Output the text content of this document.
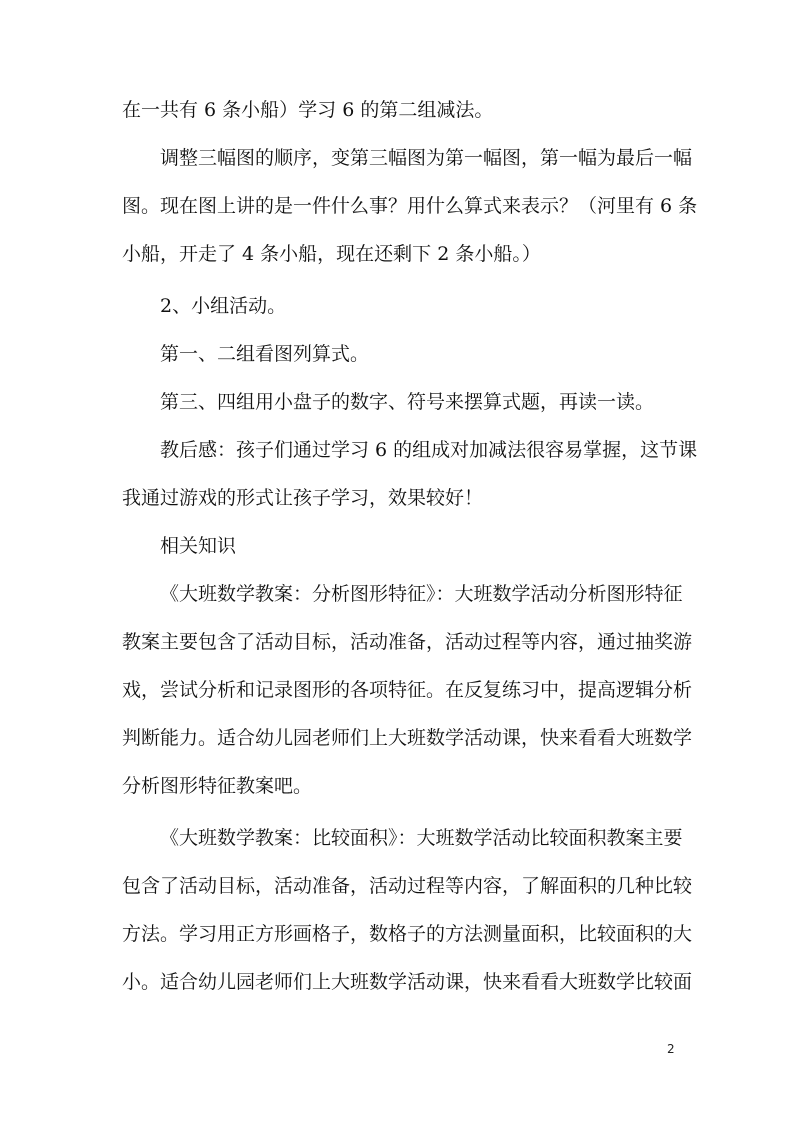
在一共有 6 条小船）学习 6 的第二组减法。
调整三幅图的顺序，变第三幅图为第一幅图，第一幅为最后一幅
图。现在图上讲的是一件什么事？用什么算式来表示？（河里有 6 条
小船，开走了 4 条小船，现在还剩下 2 条小船。）
2、小组活动。
第一、二组看图列算式。
第三、四组用小盘子的数字、符号来摆算式题，再读一读。
教后感：孩子们通过学习 6 的组成对加减法很容易掌握，这节课
我通过游戏的形式让孩子学习，效果较好！
相关知识
《大班数学教案：分析图形特征》：大班数学活动分析图形特征
教案主要包含了活动目标，活动准备，活动过程等内容，通过抽奖游
戏，尝试分析和记录图形的各项特征。在反复练习中，提高逻辑分析
判断能力。适合幼儿园老师们上大班数学活动课，快来看看大班数学
分析图形特征教案吧。
《大班数学教案：比较面积》：大班数学活动比较面积教案主要
包含了活动目标，活动准备，活动过程等内容，了解面积的几种比较
方法。学习用正方形画格子，数格子的方法测量面积，比较面积的大
小。适合幼儿园老师们上大班数学活动课，快来看看大班数学比较面
2
